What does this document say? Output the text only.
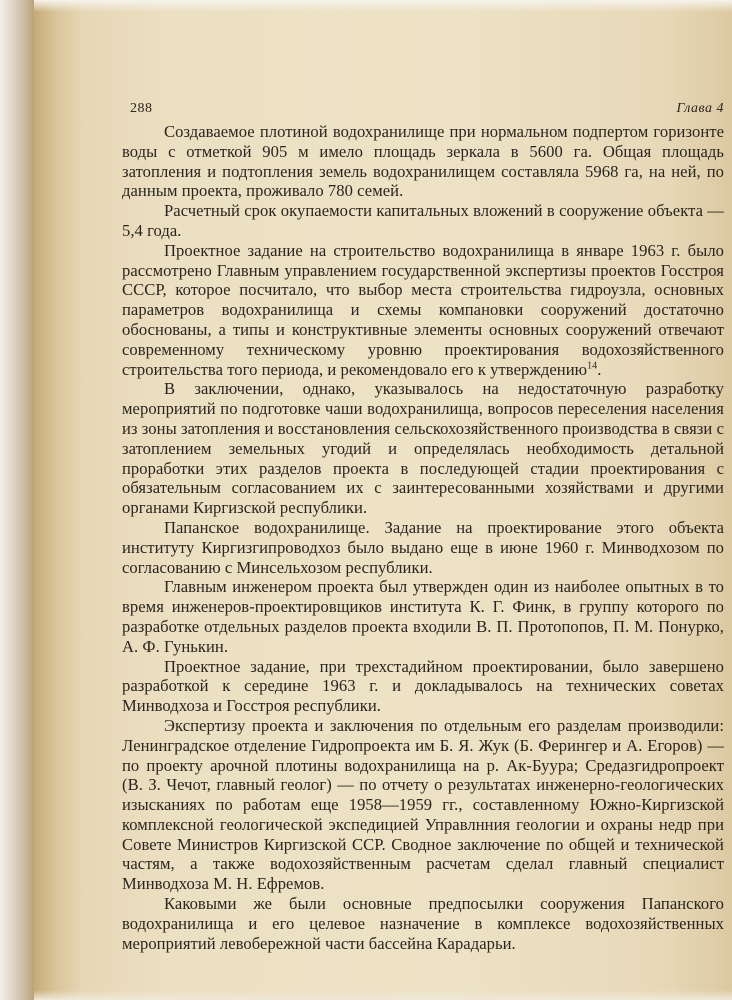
288	Глава 4

Создаваемое плотиной водохранилище при нормальном подпертом горизонте воды с отметкой 905 м имело площадь зеркала в 5600 га. Общая площадь затопления и подтопления земель водохранилищем составляла 5968 га, на ней, по данным проекта, проживало 780 семей.

Расчетный срок окупаемости капитальных вложений в сооружение объекта —5,4 года.

Проектное задание на строительство водохранилища в январе 1963 г. было рассмотрено Главным управлением государственной экспертизы проектов Госстроя СССР, которое посчитало, что выбор места строительства гидроузла, основных параметров водохранилища и схемы компановки сооружений достаточно обоснованы, а типы и конструктивные элементы основных сооружений отвечают современному техническому уровню проектирования водохозяйственного строительства того периода, и рекомендовало его к утверждению$^{14}$.

В заключении, однако, указывалось на недостаточную разработку мероприятий по подготовке чаши водохранилища, вопросов переселения населения из зоны затопления и восстановления сельскохозяйственного производства в связи с затоплением земельных угодий и определялась необходимость детальной проработки этих разделов проекта в последующей стадии проектирования с обязательным согласованием их с заинтересованными хозяйствами и другими органами Киргизской республики.

Папанское водохранилище. Задание на проектирование этого объекта институту Киргизгипроводхоз было выдано еще в июне 1960 г. Минводхозом по согласованию с Минсельхозом республики.

Главным инженером проекта был утвержден один из наиболее опытных в то время инженеров-проектировщиков института К. Г. Финк, в группу которого по разработке отдельных разделов проекта входили В. П. Протопопов, П. М. Понурко, А. Ф. Гунькин.

Проектное задание, при трехстадийном проектировании, было завершено разработкой к середине 1963 г. и докладывалось на технических советах Минводхоза и Госстроя республики.

Экспертизу проекта и заключения по отдельным его разделам производили: Ленинградское отделение Гидропроекта им Б. Я. Жук (Б. Ферингер и А. Егоров) — по проекту арочной плотины водохранилища на р. Ак-Буура; Средазгидропроект (В. З. Чечот, главный геолог) — по отчету о результатах инженерно-геологических изысканиях по работам еще 1958—1959 гг., составленному Южно-Киргизской комплексной геологической экспедицией Управлнния геологии и охраны недр при Совете Министров Киргизской ССР. Сводное заключение по общей и технической частям, а также водохозяйственным расчетам сделал главный специалист Минводхоза М. Н. Ефремов.

Каковыми же были основные предпосылки сооружения Папанского водохранилища и его целевое назначение в комплексе водохозяйственных мероприятий левобережной части бассейна Карадарьи.
